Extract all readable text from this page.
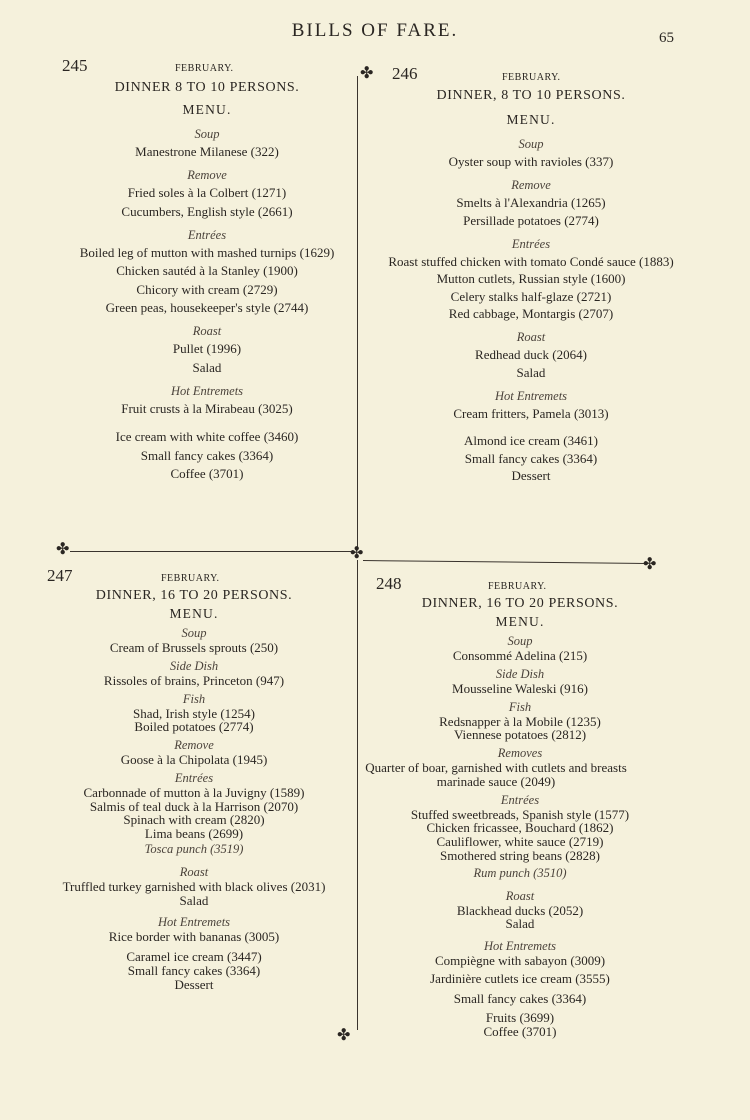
BILLS OF FARE.	65
✤
✤	✤
✤
✤
245	FEBRUARY.
DINNER 8 TO 10 PERSONS.
MENU.
Soup
Manestrone Milanese (322)
Remove
Fried soles à la Colbert (1271)
Cucumbers, English style (2661)
Entrées
Boiled leg of mutton with mashed turnips (1629)
Chicken sautéd à la Stanley (1900)
Chicory with cream (2729)
Green peas, housekeeper's style (2744)
Roast
Pullet (1996)
Salad
Hot Entremets
Fruit crusts à la Mirabeau (3025)
Ice cream with white coffee (3460)
Small fancy cakes (3364)
Coffee (3701)
246	FEBRUARY.
DINNER, 8 TO 10 PERSONS.
MENU.
Soup
Oyster soup with ravioles (337)
Remove
Smelts à l'Alexandria (1265)
Persillade potatoes (2774)
Entrées
Roast stuffed chicken with tomato Condé sauce (1883)
Mutton cutlets, Russian style (1600)
Celery stalks half-glaze (2721)
Red cabbage, Montargis (2707)
Roast
Redhead duck (2064)
Salad
Hot Entremets
Cream fritters, Pamela (3013)
Almond ice cream (3461)
Small fancy cakes (3364)
Dessert
247	FEBRUARY.
DINNER, 16 TO 20 PERSONS.
MENU.
Soup
Cream of Brussels sprouts (250)
Side Dish
Rissoles of brains, Princeton (947)
Fish
Shad, Irish style (1254)
Boiled potatoes (2774)
Remove
Goose à la Chipolata (1945)
Entrées
Carbonnade of mutton à la Juvigny (1589)
Salmis of teal duck à la Harrison (2070)
Spinach with cream (2820)
Lima beans (2699)
Tosca punch (3519)
Roast
Truffled turkey garnished with black olives (2031)
Salad
Hot Entremets
Rice border with bananas (3005)
Caramel ice cream (3447)
Small fancy cakes (3364)
Dessert
248	FEBRUARY.
DINNER, 16 TO 20 PERSONS.
MENU.
Soup
Consommé Adelina (215)
Side Dish
Mousseline Waleski (916)
Fish
Redsnapper à la Mobile (1235)
Viennese potatoes (2812)
Removes
Quarter of boar, garnished with cutlets and breasts marinade sauce (2049)
Entrées
Stuffed sweetbreads, Spanish style (1577)
Chicken fricassee, Bouchard (1862)
Cauliflower, white sauce (2719)
Smothered string beans (2828)
Rum punch (3510)
Roast
Blackhead ducks (2052)
Salad
Hot Entremets
Compiègne with sabayon (3009)
Jardinière cutlets ice cream (3555)
Small fancy cakes (3364)
Fruits (3699)
Coffee (3701)
